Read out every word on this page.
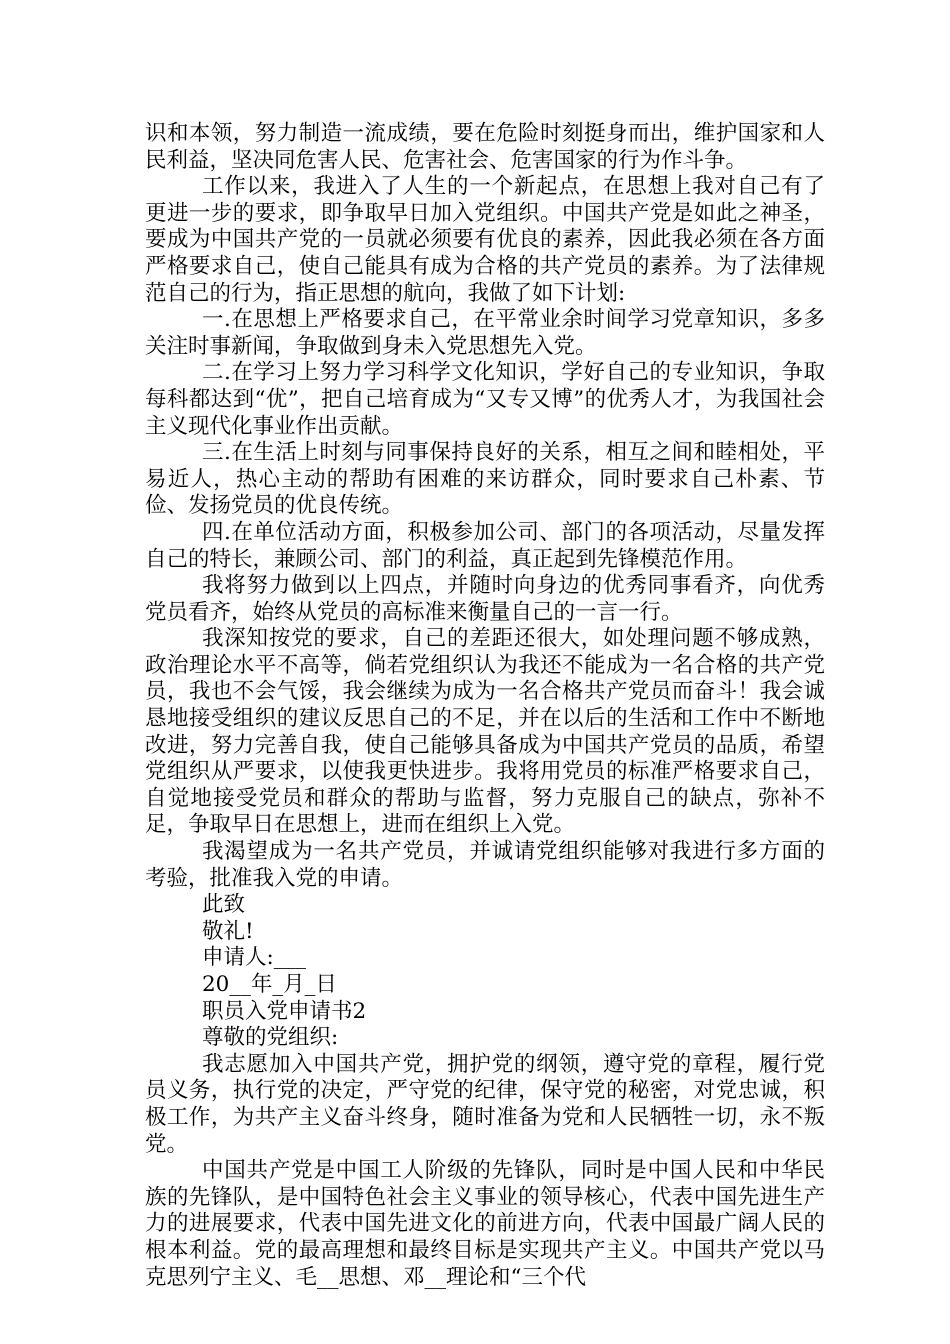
识和本领，努力制造一流成绩，要在危险时刻挺身而出，维护国家和人民利益，坚决同危害人民、危害社会、危害国家的行为作斗争。

工作以来，我进入了人生的一个新起点，在思想上我对自己有了更进一步的要求，即争取早日加入党组织。中国共产党是如此之神圣，要成为中国共产党的一员就必须要有优良的素养，因此我必须在各方面严格要求自己，使自己能具有成为合格的共产党员的素养。为了法律规范自己的行为，指正思想的航向，我做了如下计划:

一.在思想上严格要求自己，在平常业余时间学习党章知识，多多关注时事新闻，争取做到身未入党思想先入党。

二.在学习上努力学习科学文化知识，学好自己的专业知识，争取每科都达到“优”，把自己培育成为“又专又博”的优秀人才，为我国社会主义现代化事业作出贡献。

三.在生活上时刻与同事保持良好的关系，相互之间和睦相处，平易近人，热心主动的帮助有困难的来访群众，同时要求自己朴素、节俭、发扬党员的优良传统。

四.在单位活动方面，积极参加公司、部门的各项活动，尽量发挥自己的特长，兼顾公司、部门的利益，真正起到先锋模范作用。

我将努力做到以上四点，并随时向身边的优秀同事看齐，向优秀党员看齐，始终从党员的高标准来衡量自己的一言一行。

我深知按党的要求，自己的差距还很大，如处理问题不够成熟，政治理论水平不高等，倘若党组织认为我还不能成为一名合格的共产党员，我也不会气馁，我会继续为成为一名合格共产党员而奋斗！我会诚恳地接受组织的建议反思自己的不足，并在以后的生活和工作中不断地改进，努力完善自我，使自己能够具备成为中国共产党员的品质，希望党组织从严要求，以使我更快进步。我将用党员的标准严格要求自己，自觉地接受党员和群众的帮助与监督，努力克服自己的缺点，弥补不足，争取早日在思想上，进而在组织上入党。

我渴望成为一名共产党员，并诚请党组织能够对我进行多方面的考验，批准我入党的申请。

此致

敬礼!

申请人:___

20__年_月_日

职员入党申请书2

尊敬的党组织:

我志愿加入中国共产党，拥护党的纲领，遵守党的章程，履行党员义务，执行党的决定，严守党的纪律，保守党的秘密，对党忠诚，积极工作，为共产主义奋斗终身，随时准备为党和人民牺牲一切，永不叛党。

中国共产党是中国工人阶级的先锋队，同时是中国人民和中华民族的先锋队，是中国特色社会主义事业的领导核心，代表中国先进生产力的进展要求，代表中国先进文化的前进方向，代表中国最广阔人民的根本利益。党的最高理想和最终目标是实现共产主义。中国共产党以马克思列宁主义、毛__思想、邓__理论和“三个代
